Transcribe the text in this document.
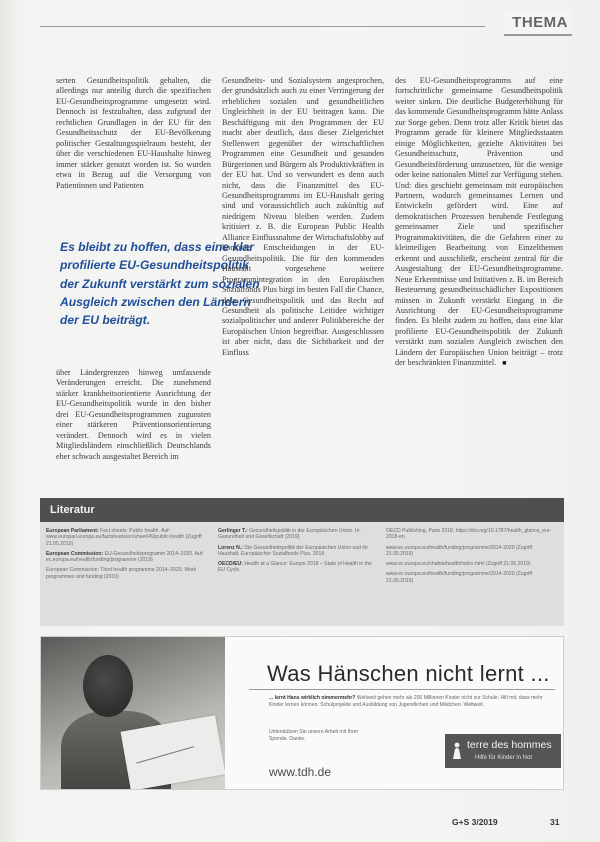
THEMA

serten Gesundheitspolitik gehalten, die allerdings nur anteilig durch die spezifischen EU-Gesundheitsprogramme umgesetzt wird. Dennoch ist festzuhalten, dass zufgrund der rechtlichen Grundlagen in der EU für den Gesundheitsschutz der EU-Bevölkerung politischer Gestaltungsspielraum besteht, der über die verschiedenen EU-Haushalte hinweg immer stärker genutzt worden ist. So wurden etwa in Bezug auf die Versorgung von Patientinnen und Patienten

Es bleibt zu hoffen, dass eine klar profilierte EU-Gesundheitspolitik der Zukunft verstärkt zum sozialen Ausgleich zwischen den Ländern der EU beiträgt.

über Ländergrenzen hinweg umfassende Veränderungen erreicht. Die zunehmend stärker krankheitsorientierte Ausrichtung der EU-Gesundheitspolitik wurde in den bisher drei EU-Gesundheitsprogrammen zugunsten einer stärkeren Präventionsorientierung verändert. Dennoch wird es in vielen Mitgliedsländern einschließlich Deutschlands eher schwach ausgestaltet Bereich im

Gesundheits- und Sozialsystem angesprochen, der grundsätzlich auch zu einer Verringerung der erheblichen sozialen und gesundheitlichen Ungleichheit in der EU beitragen kann. Die Beschäftigung mit den Programmen der EU macht aber deutlich, dass dieser Zielgerichtet Stellenwert gegenüber der wirtschaftlichen Programmen eine Gesundheit und gesunden Bürgerinnen und Bürgern als Produktivkräften in der EU hat. Und so verwundert es denn auch nicht, dass die Finanzmittel des EU-Gesundheitsprogramms im EU-Haushalt gering sind und voraussichtlich auch zukünftig auf niedrigem Niveau bleiben werden. Zudem kritisiert z. B. die European Public Health Alliance Einflussnahme der Wirtschaftslobby auf konkrete Entscheidungen in der EU-Gesundheitspolitik. Die für den kommenden Haushalt vorgesehene weitere Programmintegration in den Europäischen Sozialfonds Plus birgt im besten Fall die Chance, dass Gesundheitspolitik und das Recht auf Gesundheit als politische Leitidee wichtiger sozialpolitischer und anderer Politikbereiche der Europäischen Union begreifbar. Ausgeschlossen ist aber nicht, dass die Sichtbarkeit und der Einfluss

des EU-Gesundheitsprogramms auf eine fortschrittliche gemeinsame Gesundheitspolitik weiter sinken. Die deutliche Budgeterhöhung für das kommende Gesundheitsprogramm hätte Anlass zur Sorge geben. Denn trotz aller Kritik bietet das Programm gerade für kleinere Mitgliedsstaaten einige Möglichkeiten, gezielte Aktivitäten bei Gesundheitsschutz, Prävention und Gesundheitsförderung umzusetzen, für die wenige oder keine nationalen Mittel zur Verfügung stehen. Und: dies geschieht gemeinsam mit europäischen Partnern, wodurch gemeinsames Lernen und Entwickeln gefördert wird. Eine auf demokratischen Prozessen beruhende Festlegung gemeinsamer Ziele und spezifischer Programmaktivitäten, die die Gefahren einer zu kleinteiligen Bearbeitung von Einzelthemen erkennt und ausschließt, erscheint zentral für die Ausgestaltung der EU-Gesundheitsprogramme. Neue Erkenntnisse und Initiativen z. B. im Bereich Besteuerung gesundheitsschädlicher Expositionen müssen in Zukunft verstärkt Eingang in die Ausrichtung der EU-Gesundheitsprogramme finden. Es bleibt zudem zu hoffen, dass eine klar profilierte EU-Gesundheitspolitik der Zukunft verstärkt zum sozialen Ausgleich zwischen den Ländern der Europäischen Union beiträgt – trotz der beschränkten Finanzmittel. ■

Literatur

European Parliament: Fact sheets: Public health. Auf: www.europarl.europa.eu/factsheets/en/sheet/49/public-health (Zugriff 21.05.2019)

European Commission: EU-Gesundheitsprogramm 2014–2020. Auf: ec.europa.eu/health/funding/programme (2019)

European Commission: Third health programme 2014–2020. Work programmes and funding (2019)

Gerlinger T.: Gesundheitspolitik in der Europäischen Union. In: Gesundheit und Gesellschaft (2019)

Lorenz N.: Die Gesundheitspolitik der Europäischen Union und ihr Haushalt. Europäischer Sozialfonds Plus. 2018

OECD/EU: Health at a Glance: Europe 2018 – State of Health in the EU Cycle.

OECD Publishing, Paris 2018. https://doi.org/10.1787/health_glance_eur-2018-en

www.ec.europa.eu/health/funding/programme/2014-2020 (Zugriff 21.05.2019)

www.ec.europa.eu/chafea/health/index.html (Zugriff 21.05.2019)

www.ec.europa.eu/health/funding/programme/2014-2020 (Zugriff 21.05.2019)

Was Hänschen nicht lernt ...

... lernt Hans wirklich nimmermehr? Weltweit gehen mehr als 200 Millionen Kinder nicht zur Schule. Hilf mit, dass mehr Kinder lernen können. Schulprojekte und Ausbildung von Jugendlichen und Mädchen. Weltweit.

Unterstützen Sie unsere Arbeit mit Ihrer Spende. Danke.

www.tdh.de
terre des hommes
Hilfe für Kinder in Not
G+S 3/2019	31
